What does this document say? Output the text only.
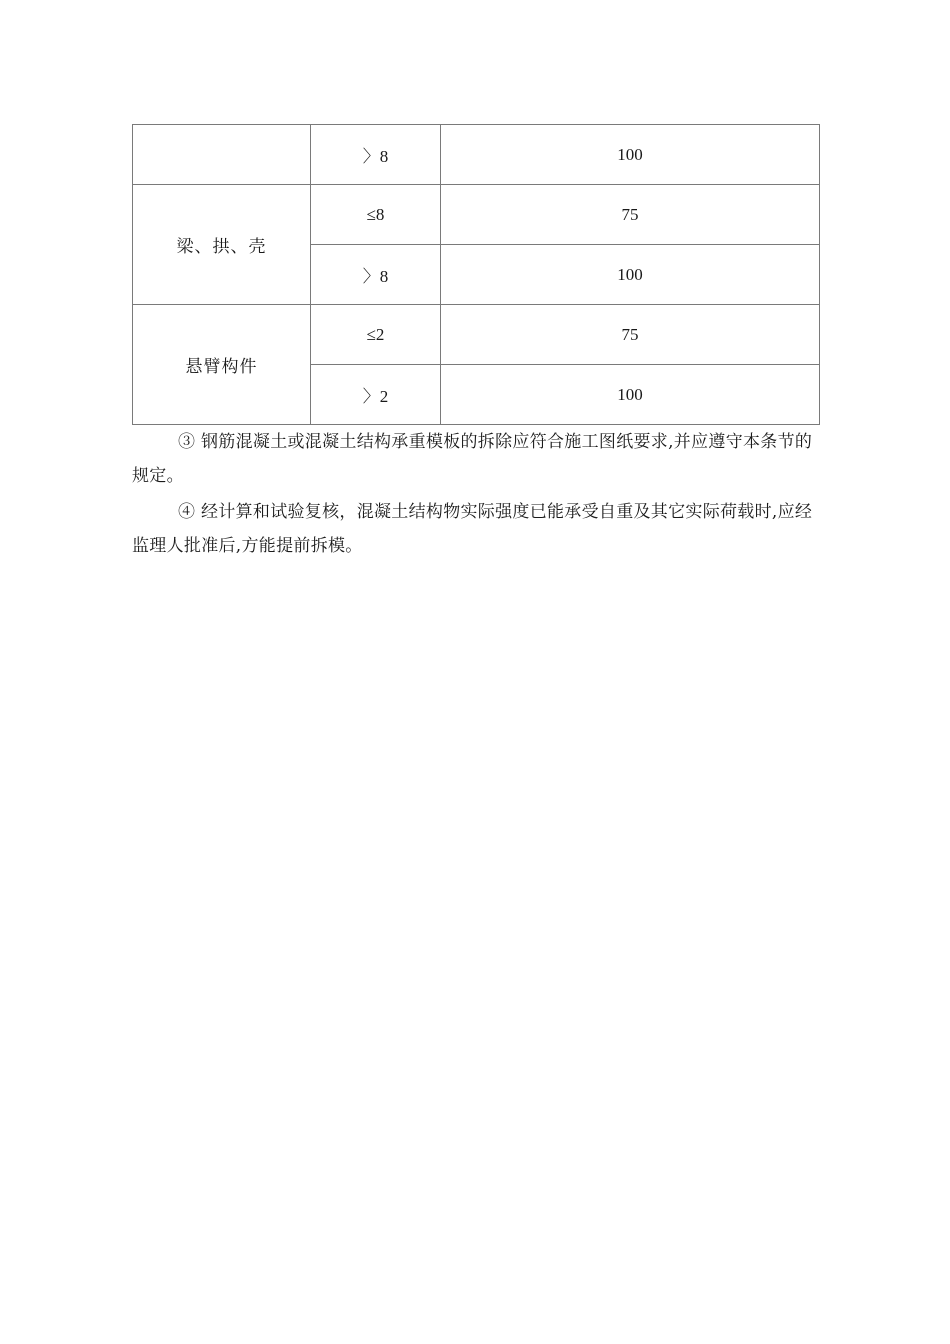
	〉8	100
梁、拱、壳	≤8	75
	〉8	100
悬臂构件	≤2	75
	〉2	100

③ 钢筋混凝土或混凝土结构承重模板的拆除应符合施工图纸要求,并应遵守本条节的规定。

④ 经计算和试验复核，混凝土结构物实际强度已能承受自重及其它实际荷载时,应经监理人批准后,方能提前拆模。
